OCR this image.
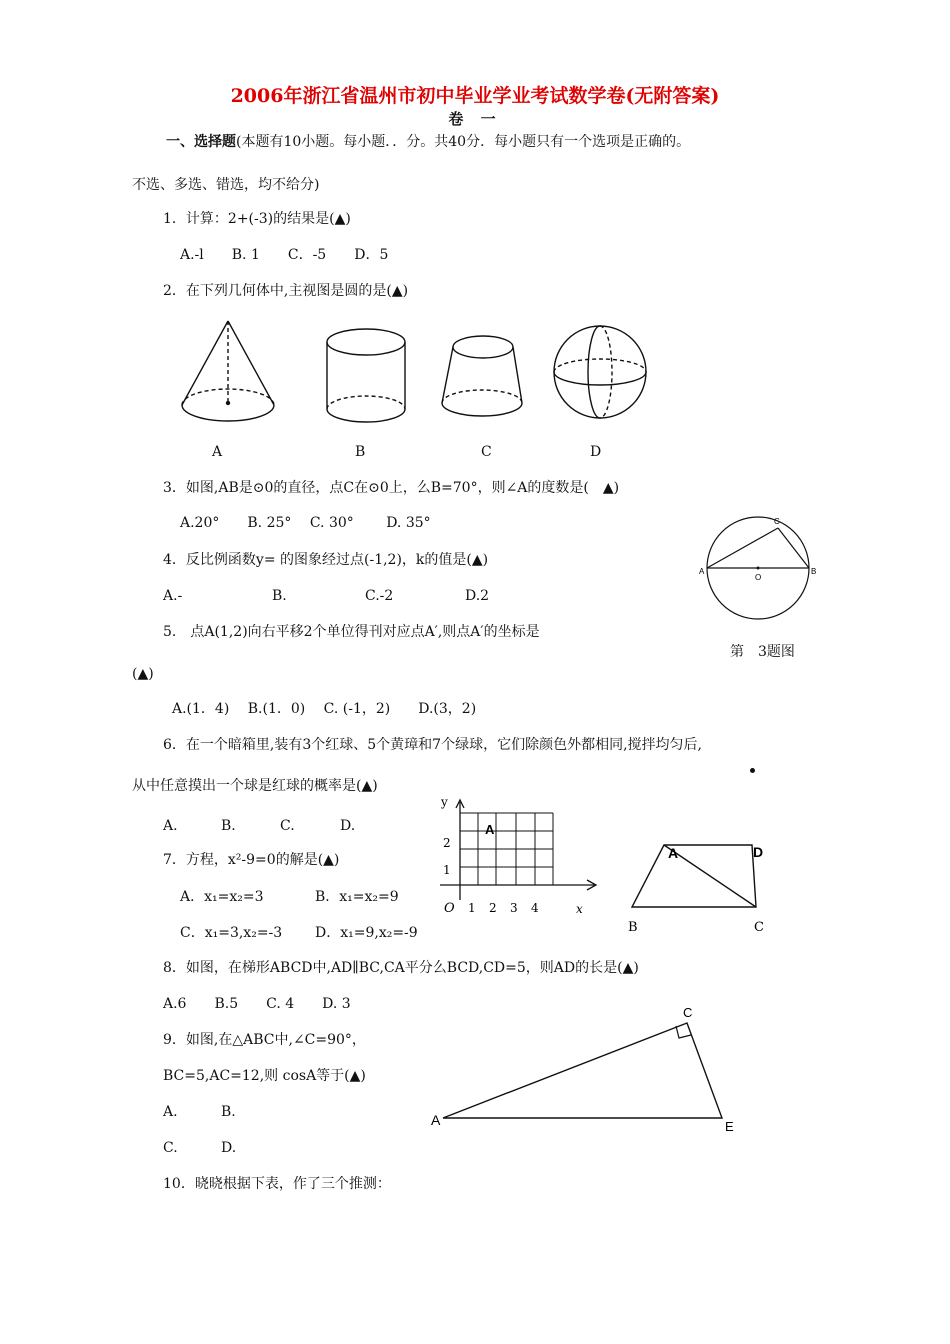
2006年浙江省温州市初中毕业学业考试数学卷(无附答案)
卷 一
一、选择题(本题有10小题。每小题．．分。共40分．每小题只有一个选项是正确的。
不选、多选、错选，均不给分)
1．计算：2+(-3)的结果是(▲)
A.-l　　B. 1　　C．-5　　D．5
2．在下列几何体中,主视图是圆的是(▲)
A	B	C	D
3．如图,AB是⊙0的直径，点C在⊙0上，么B=70°，则∠A的度数是(　▲)
A.20°　　B. 25°　 C. 30°　　 D. 35°
A	B
C
O
第　3题图
4．反比例函数y= 的图象经过点(-1,2)，k的值是(▲)
A.-	B.	C.-2	D.2
5． 点A(1,2)向右平移2个单位得刊对应点A′,则点A′的坐标是
(▲)
A.(1．4)　 B.(1．0)　 C. (-1，2)　　D.(3，2)
6．在一个暗箱里,装有3个红球、5个黄璋和7个绿球，它们除颜色外都相同,搅拌均匀后,
从中任意摸出一个球是红球的概率是(▲)
A.	B.	C.	D.
y
x
O
2
1
1 2 3 4
A
A	D
B	C
7．方程，x²-9=0的解是(▲)
A．x₁=x₂=3	B．x₁=x₂=9
C．x₁=3,x₂=-3 D．x₁=9,x₂=-9
8．如图，在梯形ABCD中,AD∥BC,CA平分么BCD,CD=5，则AD的长是(▲)
A.6　　B.5　　C. 4　　D. 3
9．如图,在△ABC中,∠C=90°，
BC=5,AC=12,则 cosA等于(▲)
A.	B.
C.	D.
A
C
E
10．晓晓根据下表，作了三个推测：
